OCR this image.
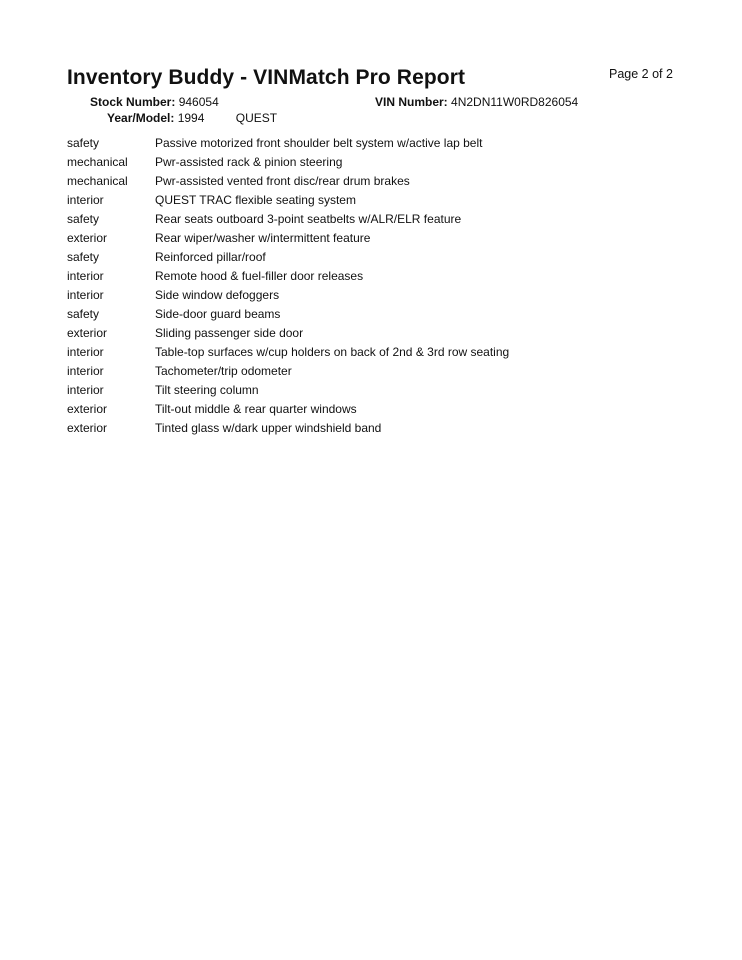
Inventory Buddy - VINMatch Pro Report	Page 2 of 2
Stock Number: 946054	VIN Number: 4N2DN11W0RD826054
Year/Model: 1994	QUEST
safety	Passive motorized front shoulder belt system w/active lap belt
mechanical	Pwr-assisted rack & pinion steering
mechanical	Pwr-assisted vented front disc/rear drum brakes
interior	QUEST TRAC flexible seating system
safety	Rear seats outboard 3-point seatbelts w/ALR/ELR feature
exterior	Rear wiper/washer w/intermittent feature
safety	Reinforced pillar/roof
interior	Remote hood & fuel-filler door releases
interior	Side window defoggers
safety	Side-door guard beams
exterior	Sliding passenger side door
interior	Table-top surfaces w/cup holders on back of 2nd & 3rd row seating
interior	Tachometer/trip odometer
interior	Tilt steering column
exterior	Tilt-out middle & rear quarter windows
exterior	Tinted glass w/dark upper windshield band
